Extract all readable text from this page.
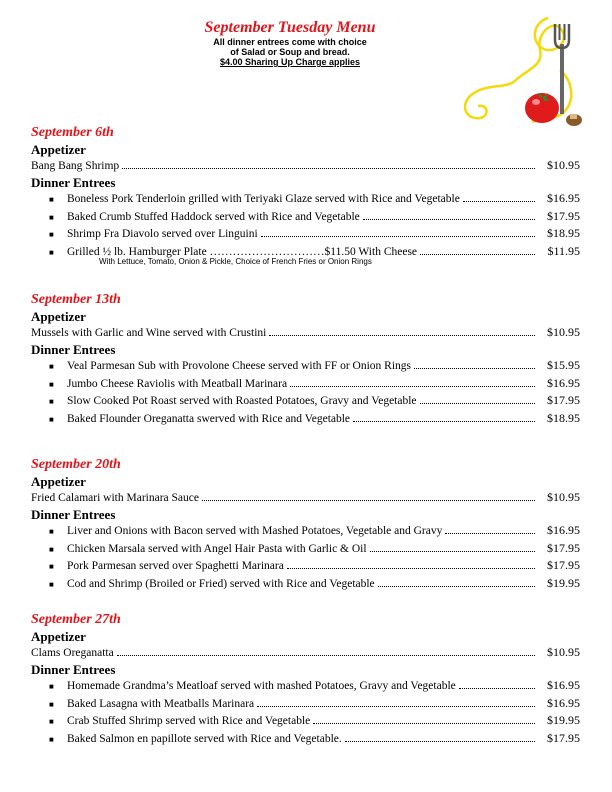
September Tuesday Menu
All dinner entrees come with choice
of Salad or Soup and bread.
$4.00 Sharing Up Charge applies
September 6th
Appetizer
Bang Bang Shrimp	$10.95
Dinner Entrees
■	Boneless Pork Tenderloin grilled with Teriyaki Glaze served with Rice and Vegetable	$16.95
■	Baked Crumb Stuffed Haddock served with Rice and Vegetable	$17.95
■	Shrimp Fra Diavolo served over Linguini	$18.95
■	Grilled ½ lb. Hamburger Plate …………………………$11.50 With Cheese	$11.95
With Lettuce, Tomato, Onion & Pickle, Choice of French Fries or Onion Rings
September 13th
Appetizer
Mussels with Garlic and Wine served with Crustini	$10.95
Dinner Entrees
■	Veal Parmesan Sub with Provolone Cheese served with FF or Onion Rings	$15.95
■	Jumbo Cheese Raviolis with Meatball Marinara	$16.95
■	Slow Cooked Pot Roast served with Roasted Potatoes, Gravy and Vegetable	$17.95
■	Baked Flounder Oreganatta swerved with Rice and Vegetable	$18.95
September 20th
Appetizer
Fried Calamari with Marinara Sauce	$10.95
Dinner Entrees
■	Liver and Onions with Bacon served with Mashed Potatoes, Vegetable and Gravy	$16.95
■	Chicken Marsala served with Angel Hair Pasta with Garlic & Oil	$17.95
■	Pork Parmesan served over Spaghetti Marinara	$17.95
■	Cod and Shrimp (Broiled or Fried) served with Rice and Vegetable	$19.95
September 27th
Appetizer
Clams Oreganatta	$10.95
Dinner Entrees
■	Homemade Grandma’s Meatloaf served with mashed Potatoes, Gravy and Vegetable	$16.95
■	Baked Lasagna with Meatballs Marinara	$16.95
■	Crab Stuffed Shrimp served with Rice and Vegetable	$19.95
■	Baked Salmon en papillote served with Rice and Vegetable.	$17.95
